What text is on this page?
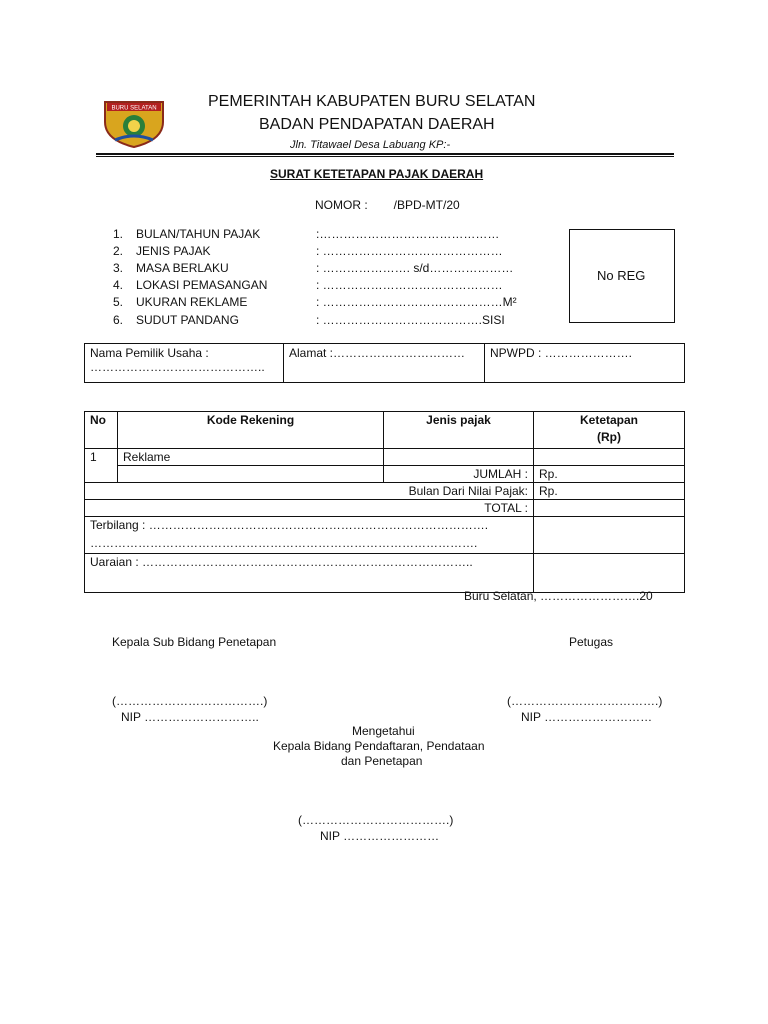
BURU SELATAN	PEMERINTAH KABUPATEN BURU SELATAN
BADAN PENDAPATAN DAERAH
Jln. Titawael Desa Labuang KP:-
SURAT KETETAPAN PAJAK DAERAH
NOMOR : /BPD-MT/20
1.	BULAN/TAHUN PAJAK	:………………………………………
2.	JENIS PAJAK	: ………………………………………
3.	MASA BERLAKU	: …………………. s/d…………………
4.	LOKASI PEMASANGAN	: ………………………………………
5.	UKURAN REKLAME	: ………………………………………M²
6.	SUDUT PANDANG	: ………………………………….SISI
No REG
Nama Pemilik Usaha :
……………………………………..
	Alamat :……………………………	NPWPD : ………………….
No	Kode Rekening	Jenis pajak	Ketetapan
(Rp)

1	Reklame		
		JUMLAH :	Rp.
Bulan Dari Nilai Pajak:			Rp.
TOTAL :			

Terbilang : ………………………………………………………………………….
…………………………………………………………………………………….			

Uaraian : ………………………………………………………………………..			
Buru Selatan, …………………….20
Kepala Sub Bidang Penetapan	Petugas
(……………………………….)	(……………………………….)
NIP ………………………..	NIP ………………………
Mengetahui
Kepala Bidang Pendaftaran, Pendataan
dan Penetapan
(……………………………….)
NIP ……………………
